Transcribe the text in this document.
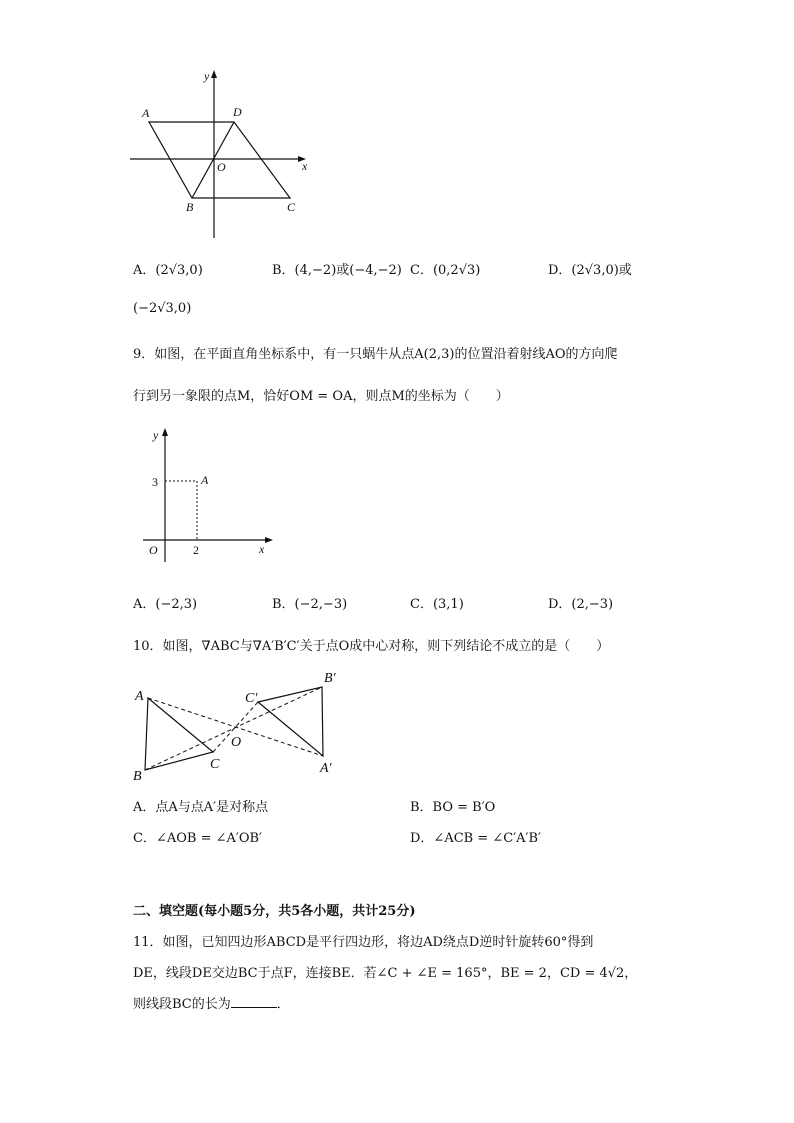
y
x
A	D
O
B	C
A．(2√3,0)	B．(4,−2)或(−4,−2) C．(0,2√3)	D．(2√3,0)或
(−2√3,0)
9．如图，在平面直角坐标系中，有一只蜗牛从点A(2,3)的位置沿着射线AO的方向爬
行到另一象限的点M，恰好OM = OA，则点M的坐标为（　　）
y
x
O
A
3
2
A．(−2,3)	B．(−2,−3)	C．(3,1)	D．(2,−3)
10．如图，∇ABC与∇A′B′C′关于点O成中心对称，则下列结论不成立的是（　　）
A
B
C
O
C′
B′
A′
A．点A与点A′是对称点	B．BO = B′O
C．∠AOB = ∠A′OB′	D．∠ACB = ∠C′A′B′
二、填空题(每小题5分，共5各小题，共计25分)
11．如图，已知四边形ABCD是平行四边形，将边AD绕点D逆时针旋转60°得到
DE，线段DE交边BC于点F，连接BE．若∠C + ∠E = 165°，BE = 2，CD = 4√2，
则线段BC的长为	．
